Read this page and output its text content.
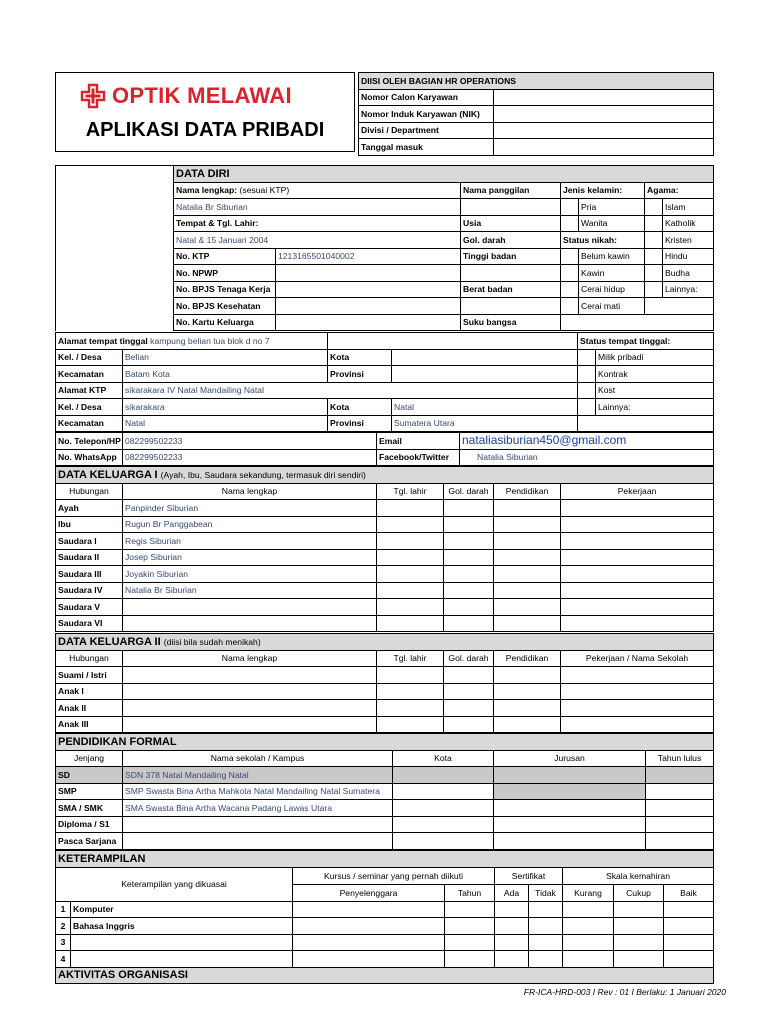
OPTIK MELAWAI
APLIKASI DATA PRIBADI
DIISI OLEH BAGIAN HR OPERATIONS	
Nomor Calon Karyawan	
Nomor Induk Karyawan (NIK)	
Divisi / Department	
Tanggal masuk	
	DATA DIRI						
	Nama lengkap: (sesuai KTP)		Nama panggilan	Jenis kelamin:		Agama:	
	Natalia Br Siburian				Pria		Islam
	Tempat & Tgl. Lahir:		Usia		Wanita		Katholik
	Natal & 15 Januari 2004		Gol. darah	Status nikah:			Kristen
	No. KTP	1213165501040002	Tinggi badan		Belum kawin		Hindu
	No. NPWP				Kawin		Budha
	No. BPJS Tenaga Kerja		Berat badan		Cerai hidup		Lainnya:
	No. BPJS Kesehatan				Cerai mati		
	No. Kartu Keluarga		Suku bangsa				
Alamat tempat tinggal kampung belian tua blok d no 7				Status tempat tinggal:	
Kel. / Desa	Belian	Kota			Milik pribadi
Kecamatan	Batam Kota	Provinsi			Kontrak
Alamat KTP	sikarakara IV Natal Mandailing Natal				Kost
Kel. / Desa	sikarakara	Kota	Natal		Lainnya:
Kecamatan	Natal	Provinsi	Sumatera Utara		
No. Telepon/HP	082299502233	Email	nataliasiburian450@gmail.com
No. WhatsApp	082299502233	Facebook/Twitter	Natalia Siburian
DATA KELUARGA I (Ayah, Ibu, Saudara sekandung, termasuk diri sendiri)					
Hubungan	Nama lengkap	Tgl. lahir	Gol. darah	Pendidikan	Pekerjaan
Ayah	Panpinder Siburian				
Ibu	Rugun Br Panggabean				
Saudara I	Regis Siburian				
Saudara II	Josep Siburian				
Saudara III	Joyakin Siburian				
Saudara IV	Natalia Br Siburian				
Saudara V					
Saudara VI					
DATA KELUARGA II (diisi bila sudah menikah)					
Hubungan	Nama lengkap	Tgl. lahir	Gol. darah	Pendidikan	Pekerjaan / Nama Sekolah
Suami / Istri					
Anak I					
Anak II					
Anak III					
PENDIDIKAN FORMAL				
Jenjang	Nama sekolah / Kampus	Kota	Jurusan	Tahun lulus
SD	SDN 378 Natal Mandailing Natal			
SMP	SMP Swasta Bina Artha Mahkota Natal Mandailing Natal Sumatera			
SMA / SMK	SMA Swasta Bina Artha Wacana Padang Lawas Utara			
Diploma / S1				
Pasca Sarjana				
KETERAMPILAN								
Keterampilan yang dikuasai		Kursus / seminar yang pernah diikuti		Sertifikat		Skala kemahiran		
		Penyelenggara	Tahun	Ada	Tidak	Kurang	Cukup	Baik
1	Komputer							
2	Bahasa Inggris							
3								
4								
AKTIVITAS ORGANISASI								
FR-ICA-HRD-003 I Rev : 01 I Berlaku: 1 Januari 2020
